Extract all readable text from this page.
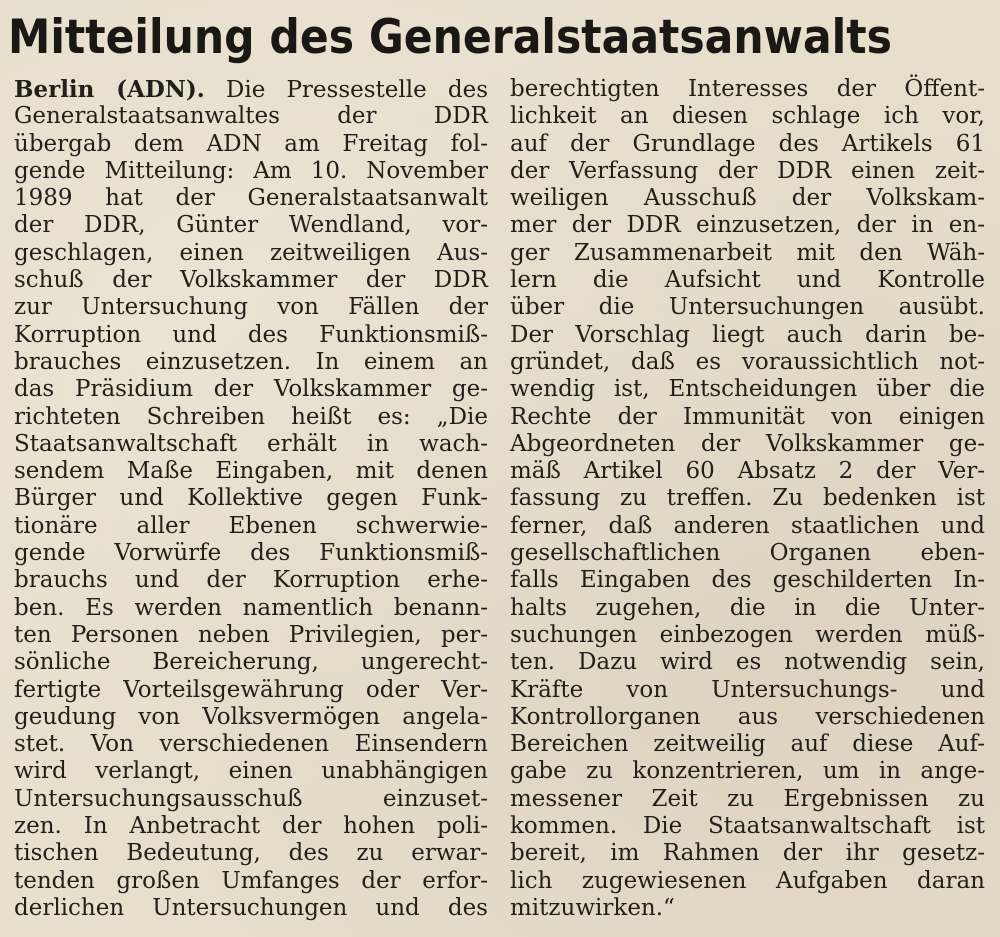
Mitteilung des Generalstaatsanwalts
Berlin (ADN). Die Pressestelle des
Generalstaatsanwaltes der DDR
übergab dem ADN am Freitag fol-
gende Mitteilung: Am 10. November
1989 hat der Generalstaatsanwalt
der DDR, Günter Wendland, vor-
geschlagen, einen zeitweiligen Aus-
schuß der Volkskammer der DDR
zur Untersuchung von Fällen der
Korruption und des Funktionsmiß-
brauches einzusetzen. In einem an
das Präsidium der Volkskammer ge-
richteten Schreiben heißt es: „Die
Staatsanwaltschaft erhält in wach-
sendem Maße Eingaben, mit denen
Bürger und Kollektive gegen Funk-
tionäre aller Ebenen schwerwie-
gende Vorwürfe des Funktionsmiß-
brauchs und der Korruption erhe-
ben. Es werden namentlich benann-
ten Personen neben Privilegien, per-
sönliche Bereicherung, ungerecht-
fertigte Vorteilsgewährung oder Ver-
geudung von Volksvermögen angela-
stet. Von verschiedenen Einsendern
wird verlangt, einen unabhängigen
Untersuchungsausschuß einzuset-
zen. In Anbetracht der hohen poli-
tischen Bedeutung, des zu erwar-
tenden großen Umfanges der erfor-
derlichen Untersuchungen und des
berechtigten Interesses der Öffent-
lichkeit an diesen schlage ich vor,
auf der Grundlage des Artikels 61
der Verfassung der DDR einen zeit-
weiligen Ausschuß der Volkskam-
mer der DDR einzusetzen, der in en-
ger Zusammenarbeit mit den Wäh-
lern die Aufsicht und Kontrolle
über die Untersuchungen ausübt.
Der Vorschlag liegt auch darin be-
gründet, daß es voraussichtlich not-
wendig ist, Entscheidungen über die
Rechte der Immunität von einigen
Abgeordneten der Volkskammer ge-
mäß Artikel 60 Absatz 2 der Ver-
fassung zu treffen. Zu bedenken ist
ferner, daß anderen staatlichen und
gesellschaftlichen Organen eben-
falls Eingaben des geschilderten In-
halts zugehen, die in die Unter-
suchungen einbezogen werden müß-
ten. Dazu wird es notwendig sein,
Kräfte von Untersuchungs- und
Kontrollorganen aus verschiedenen
Bereichen zeitweilig auf diese Auf-
gabe zu konzentrieren, um in ange-
messener Zeit zu Ergebnissen zu
kommen. Die Staatsanwaltschaft ist
bereit, im Rahmen der ihr gesetz-
lich zugewiesenen Aufgaben daran
mitzuwirken.“
